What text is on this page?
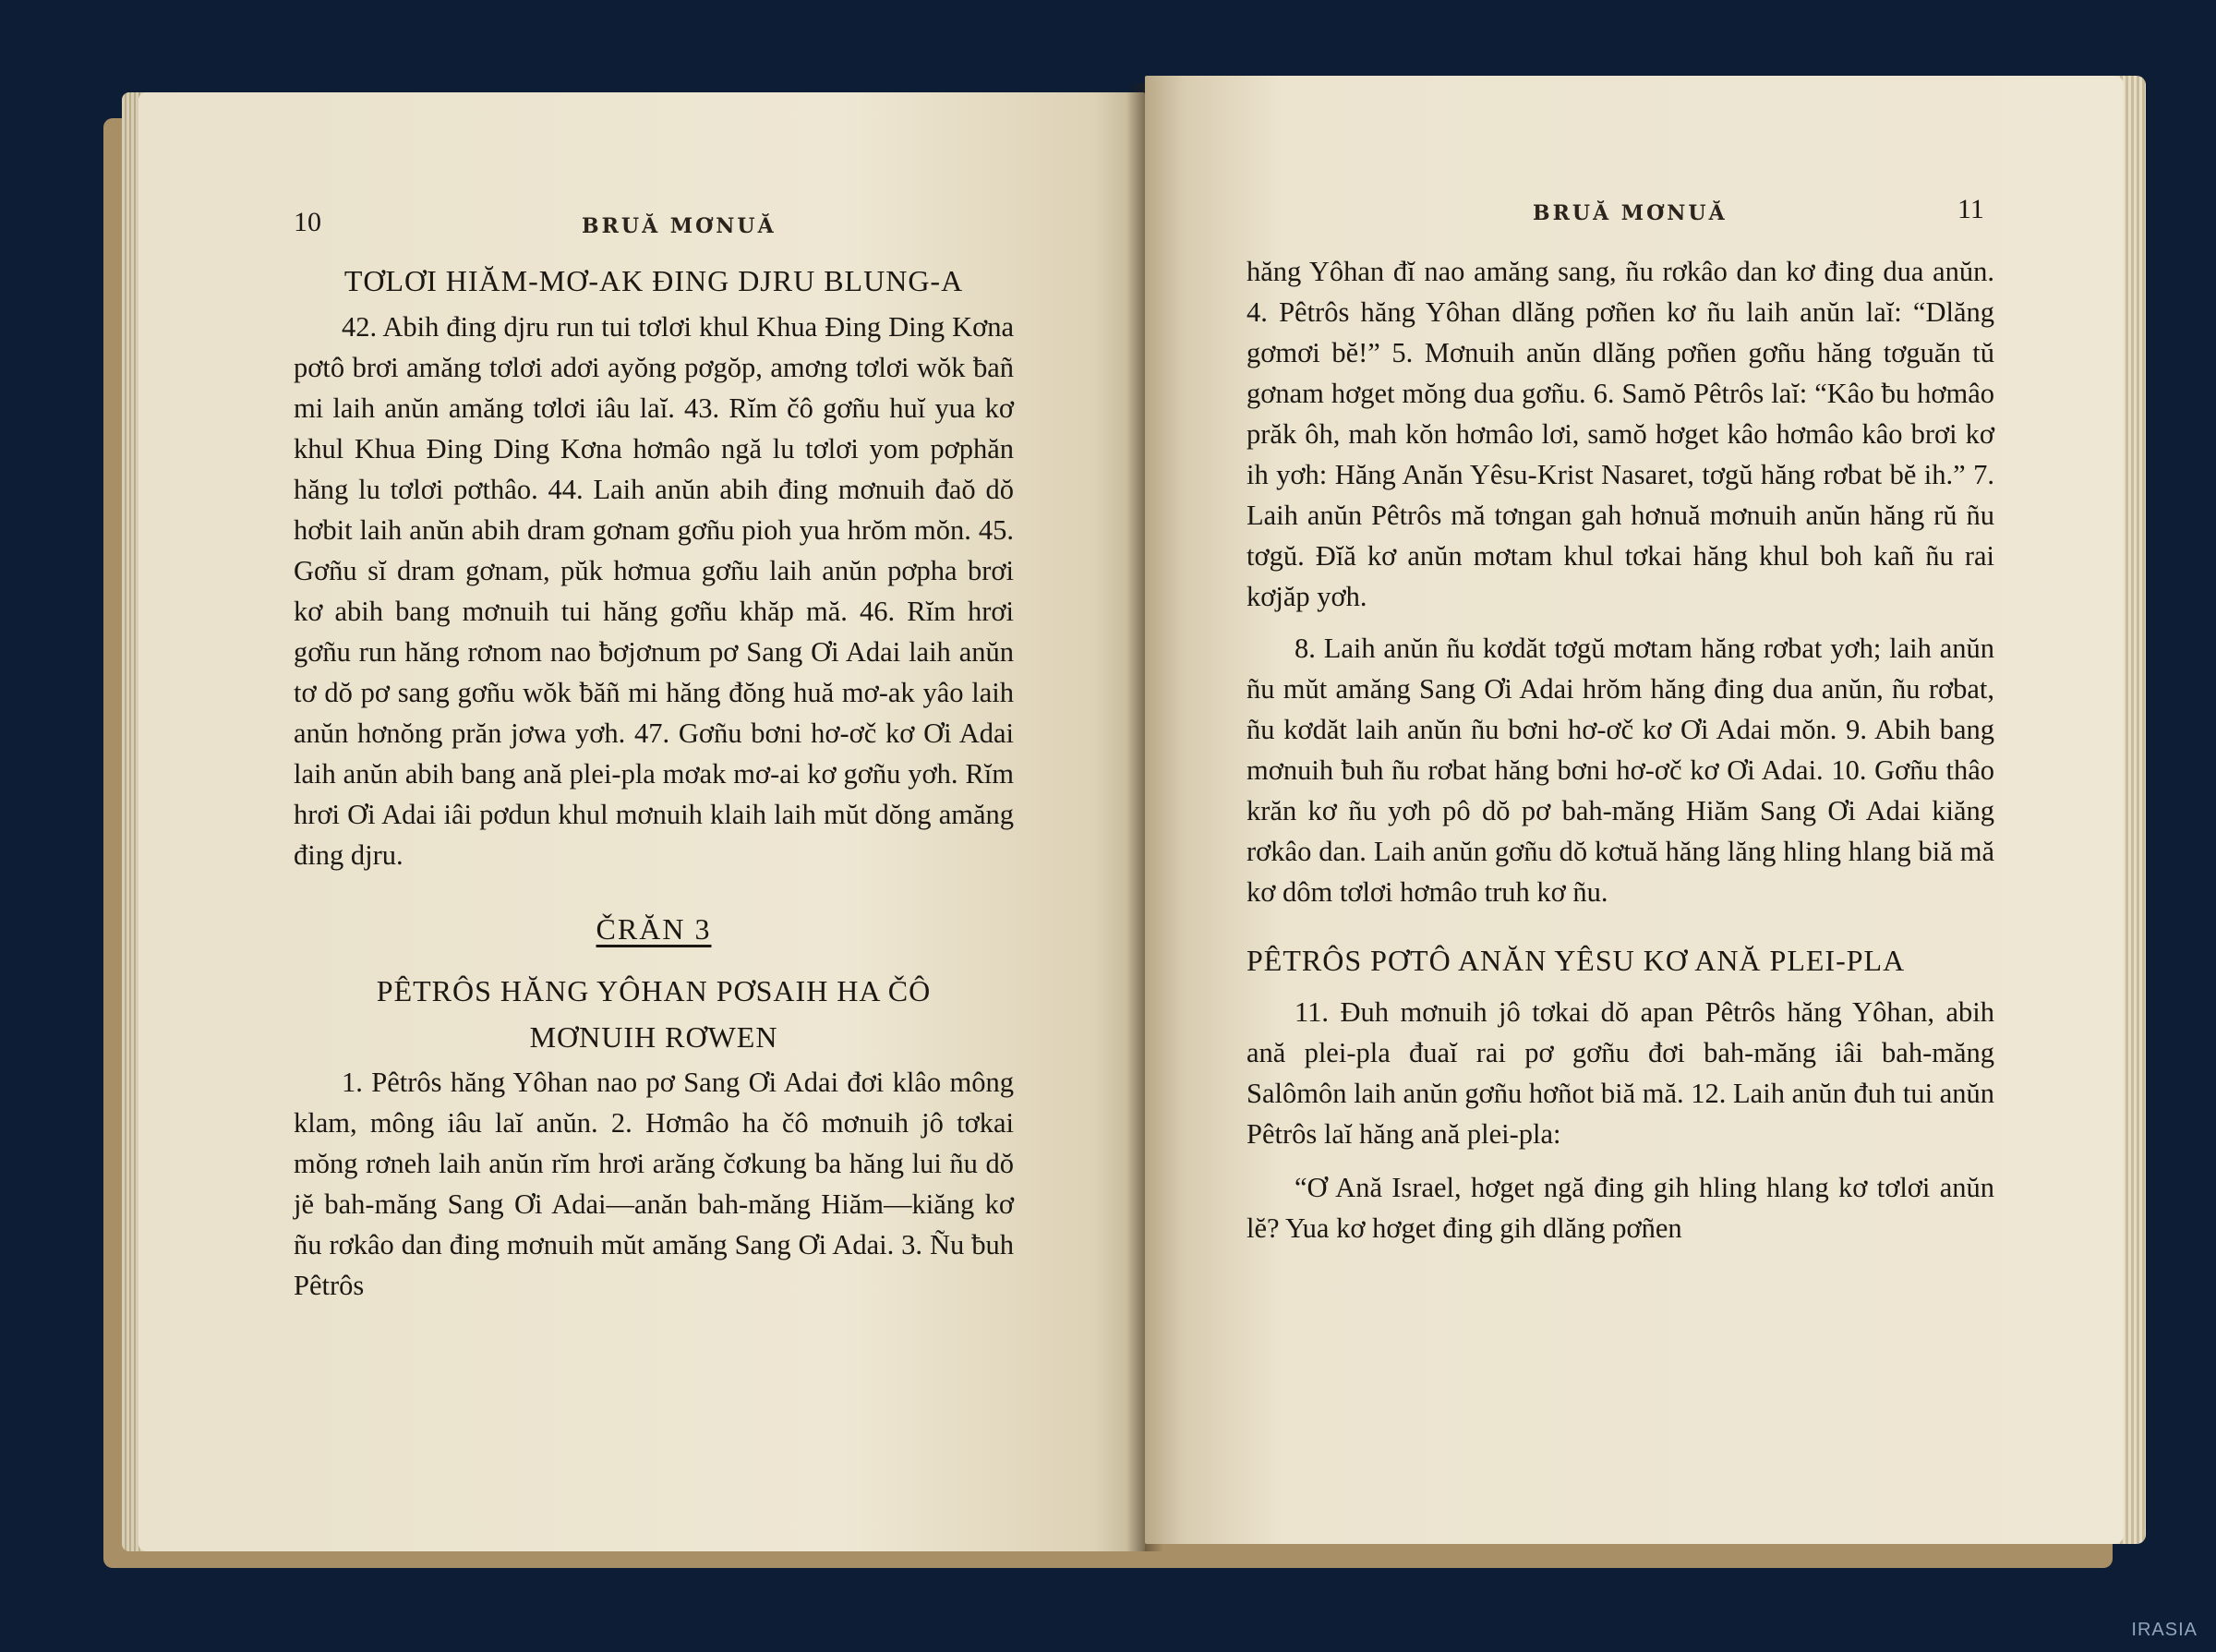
10	BRUĂ MƠNUĂ

TƠLƠI HIĂM-MƠ-AK ĐING DJRU BLUNG-A

42. Abih đing djru run tui tơlơi khul Khua Đing Ding Kơna pơtô brơi amăng tơlơi adơi ayŏng pơgŏp, amơng tơlơi wŏk ƀañ mi laih anŭn amăng tơlơi iâu laĭ. 43. Rĭm čô gơñu huĭ yua kơ khul Khua Đing Ding Kơna hơmâo ngă lu tơlơi yom pơphăn hăng lu tơlơi pơthâo. 44. Laih anŭn abih đing mơnuih đaŏ dŏ hơbit laih anŭn abih dram gơnam gơñu pioh yua hrŏm mŏn. 45. Gơñu sĭ dram gơnam, pŭk hơmua gơñu laih anŭn pơpha brơi kơ abih bang mơnuih tui hăng gơñu khăp mă. 46. Rĭm hrơi gơñu run hăng rơnom nao ƀơjơnum pơ Sang Ơi Adai laih anŭn tơ dŏ pơ sang gơñu wŏk ƀăñ mi hăng đŏng huă mơ-ak yâo laih anŭn hơnŏng prăn jơwa yơh. 47. Gơñu bơni hơ-ơč kơ Ơi Adai laih anŭn abih bang ană plei-pla mơak mơ-ai kơ gơñu yơh. Rĭm hrơi Ơi Adai iâi pơdun khul mơnuih klaih laih mŭt dŏng amăng đing djru.

ČRĂN 3

PÊTRÔS HĂNG YÔHAN PƠSAIH HA ČÔ

MƠNUIH RƠWEN

1. Pêtrôs hăng Yôhan nao pơ Sang Ơi Adai đơi klâo mông klam, mông iâu laĭ anŭn. 2. Hơmâo ha čô mơnuih jô tơkai mŏng rơneh laih anŭn rĭm hrơi arăng čơkung ba hăng lui ñu dŏ jĕ bah-măng Sang Ơi Adai—anăn bah-măng Hiăm—kiăng kơ ñu rơkâo dan đing mơnuih mŭt amăng Sang Ơi Adai. 3. Ñu ƀuh Pêtrôs

BRUĂ MƠNUĂ	11

hăng Yôhan đĭ nao amăng sang, ñu rơkâo dan kơ đing dua anŭn. 4. Pêtrôs hăng Yôhan dlăng pơñen kơ ñu laih anŭn laĭ: “Dlăng gơmơi bĕ!” 5. Mơnuih anŭn dlăng pơñen gơñu hăng tơguăn tŭ gơnam hơget mŏng dua gơñu. 6. Samŏ Pêtrôs laĭ: “Kâo ƀu hơmâo prăk ôh, mah kŏn hơmâo lơi, samŏ hơget kâo hơmâo kâo brơi kơ ih yơh: Hăng Anăn Yêsu-Krist Nasaret, tơgŭ hăng rơbat bĕ ih.” 7. Laih anŭn Pêtrôs mă tơngan gah hơnuă mơnuih anŭn hăng rŭ ñu tơgŭ. Đĭă kơ anŭn mơtam khul tơkai hăng khul boh kañ ñu rai kơjăp yơh.

8. Laih anŭn ñu kơdăt tơgŭ mơtam hăng rơbat yơh; laih anŭn ñu mŭt amăng Sang Ơi Adai hrŏm hăng đing dua anŭn, ñu rơbat, ñu kơdăt laih anŭn ñu bơni hơ-ơč kơ Ơi Adai mŏn. 9. Abih bang mơnuih ƀuh ñu rơbat hăng bơni hơ-ơč kơ Ơi Adai. 10. Gơñu thâo krăn kơ ñu yơh pô dŏ pơ bah-măng Hiăm Sang Ơi Adai kiăng rơkâo dan. Laih anŭn gơñu dŏ kơtuă hăng lăng hling hlang biă mă kơ dôm tơlơi hơmâo truh kơ ñu.

PÊTRÔS PƠTÔ ANĂN YÊSU KƠ ANĂ PLEI-PLA

11. Đuh mơnuih jô tơkai dŏ apan Pêtrôs hăng Yôhan, abih ană plei-pla đuaĭ rai pơ gơñu đơi bah-măng iâi bah-măng Salômôn laih anŭn gơñu hơñot biă mă. 12. Laih anŭn đuh tui anŭn Pêtrôs laĭ hăng ană plei-pla:

“Ơ Ană Israel, hơget ngă đing gih hling hlang kơ tơlơi anŭn lĕ? Yua kơ hơget đing gih dlăng pơñen

IRASIA
